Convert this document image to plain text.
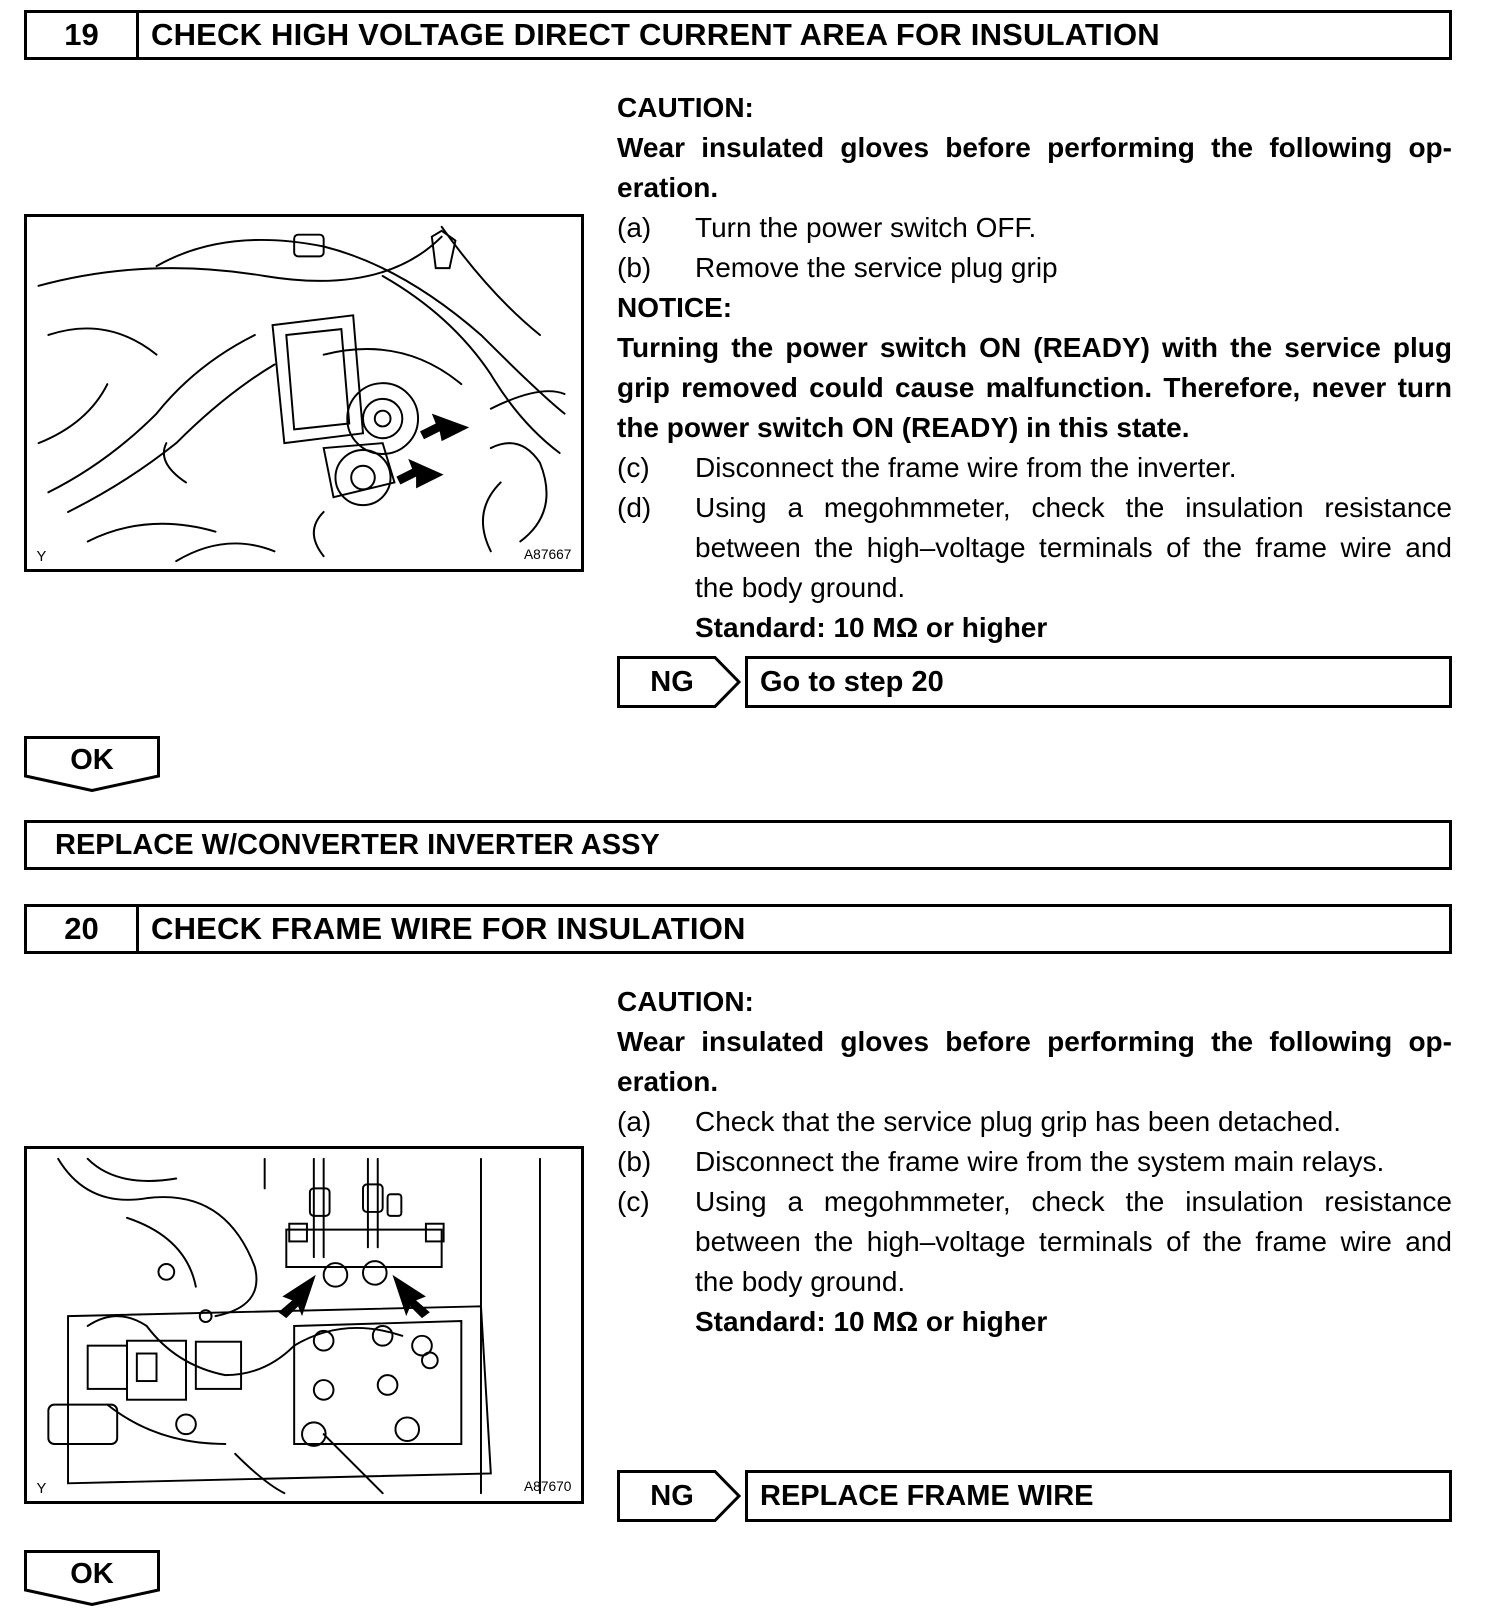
19	CHECK HIGH VOLTAGE DIRECT CURRENT AREA FOR INSULATION
Y	A87667
CAUTION:
Wear insulated gloves before performing the following op- eration.
(a)	Turn the power switch OFF.
(b)	Remove the service plug grip
NOTICE:
Turning the power switch ON (READY) with the service plug grip removed could cause malfunction. Therefore, never turn the power switch ON (READY) in this state.
(c)	Disconnect the frame wire from the inverter.
(d)	Using a megohmmeter, check the insulation resistance between the high–voltage terminals of the frame wire and the body ground.
Standard: 10 MΩ or higher
NG	Go to step 20
OK
REPLACE W/CONVERTER INVERTER ASSY
20	CHECK FRAME WIRE FOR INSULATION
Y	A87670
CAUTION:
Wear insulated gloves before performing the following op- eration.
(a)	Check that the service plug grip has been detached.
(b)	Disconnect the frame wire from the system main relays.
(c)	Using a megohmmeter, check the insulation resistance between the high–voltage terminals of the frame wire and the body ground.
Standard: 10 MΩ or higher
NG	REPLACE FRAME WIRE
OK
